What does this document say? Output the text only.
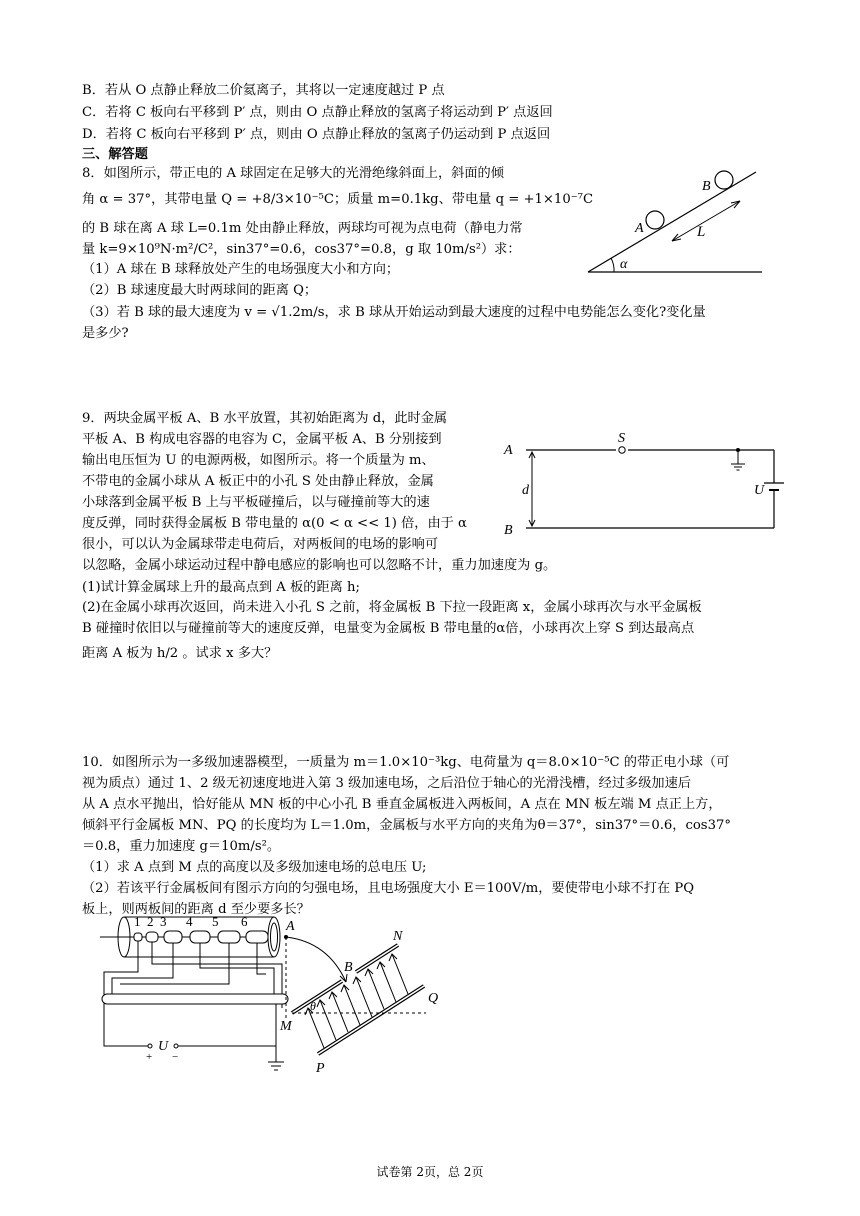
B．若从 O 点静止释放二价氦离子，其将以一定速度越过 P 点
C．若将 C 板向右平移到 P′ 点，则由 O 点静止释放的氢离子将运动到 P′ 点返回
D．若将 C 板向右平移到 P′ 点，则由 O 点静止释放的氢离子仍运动到 P 点返回
三、解答题
8．如图所示，带正电的 A 球固定在足够大的光滑绝缘斜面上，斜面的倾
角 α = 37°，其带电量 Q = +8/3×10⁻⁵C；质量 m=0.1kg、带电量 q = +1×10⁻⁷C
的 B 球在离 A 球 L=0.1m 处由静止释放，两球均可视为点电荷（静电力常
量 k=9×10⁹N·m²/C²，sin37°=0.6，cos37°=0.8，g 取 10m/s²）求：
（1）A 球在 B 球释放处产生的电场强度大小和方向；
（2）B 球速度最大时两球间的距离 Q；
（3）若 B 球的最大速度为 v = √1.2m/s，求 B 球从开始运动到最大速度的过程中电势能怎么变化?变化量
是多少?
α
A
B
L
9．两块金属平板 A、B 水平放置，其初始距离为 d，此时金属
平板 A、B 构成电容器的电容为 C，金属平板 A、B 分别接到
输出电压恒为 U 的电源两极，如图所示。将一个质量为 m、
不带电的金属小球从 A 板正中的小孔 S 处由静止释放，金属
小球落到金属平板 B 上与平板碰撞后，以与碰撞前等大的速
度反弹，同时获得金属板 B 带电量的 α(0 < α << 1) 倍，由于 α
很小，可以认为金属球带走电荷后，对两板间的电场的影响可
以忽略，金属小球运动过程中静电感应的影响也可以忽略不计，重力加速度为 g。
(1)试计算金属球上升的最高点到 A 板的距离 h;
(2)在金属小球再次返回，尚未进入小孔 S 之前，将金属板 B 下拉一段距离 x，金属小球再次与水平金属板
B 碰撞时依旧以与碰撞前等大的速度反弹，电量变为金属板 B 带电量的α倍，小球再次上穿 S 到达最高点
距离 A 板为 h/2 。试求 x 多大？
A
S
U
B
d
10．如图所示为一多级加速器模型，一质量为 m＝1.0×10⁻³kg、电荷量为 q＝8.0×10⁻⁵C 的带正电小球（可
视为质点）通过 1、2 级无初速度地进入第 3 级加速电场，之后沿位于轴心的光滑浅槽，经过多级加速后
从 A 点水平抛出，恰好能从 MN 板的中心小孔 B 垂直金属板进入两板间，A 点在 MN 板左端 M 点正上方，
倾斜平行金属板 MN、PQ 的长度均为 L＝1.0m，金属板与水平方向的夹角为θ＝37°，sin37°＝0.6，cos37°
＝0.8，重力加速度 g＝10m/s²。
（1）求 A 点到 M 点的高度以及多级加速电场的总电压 U;
（2）若该平行金属板间有图示方向的匀强电场，且电场强度大小 E＝100V/m，要使带电小球不打在 PQ
板上，则两板间的距离 d 至少要多长？
1 2 3 4 5 6
U
+ −
A
B
N
M
Q
P
θ
试卷第 2页，总 2页
